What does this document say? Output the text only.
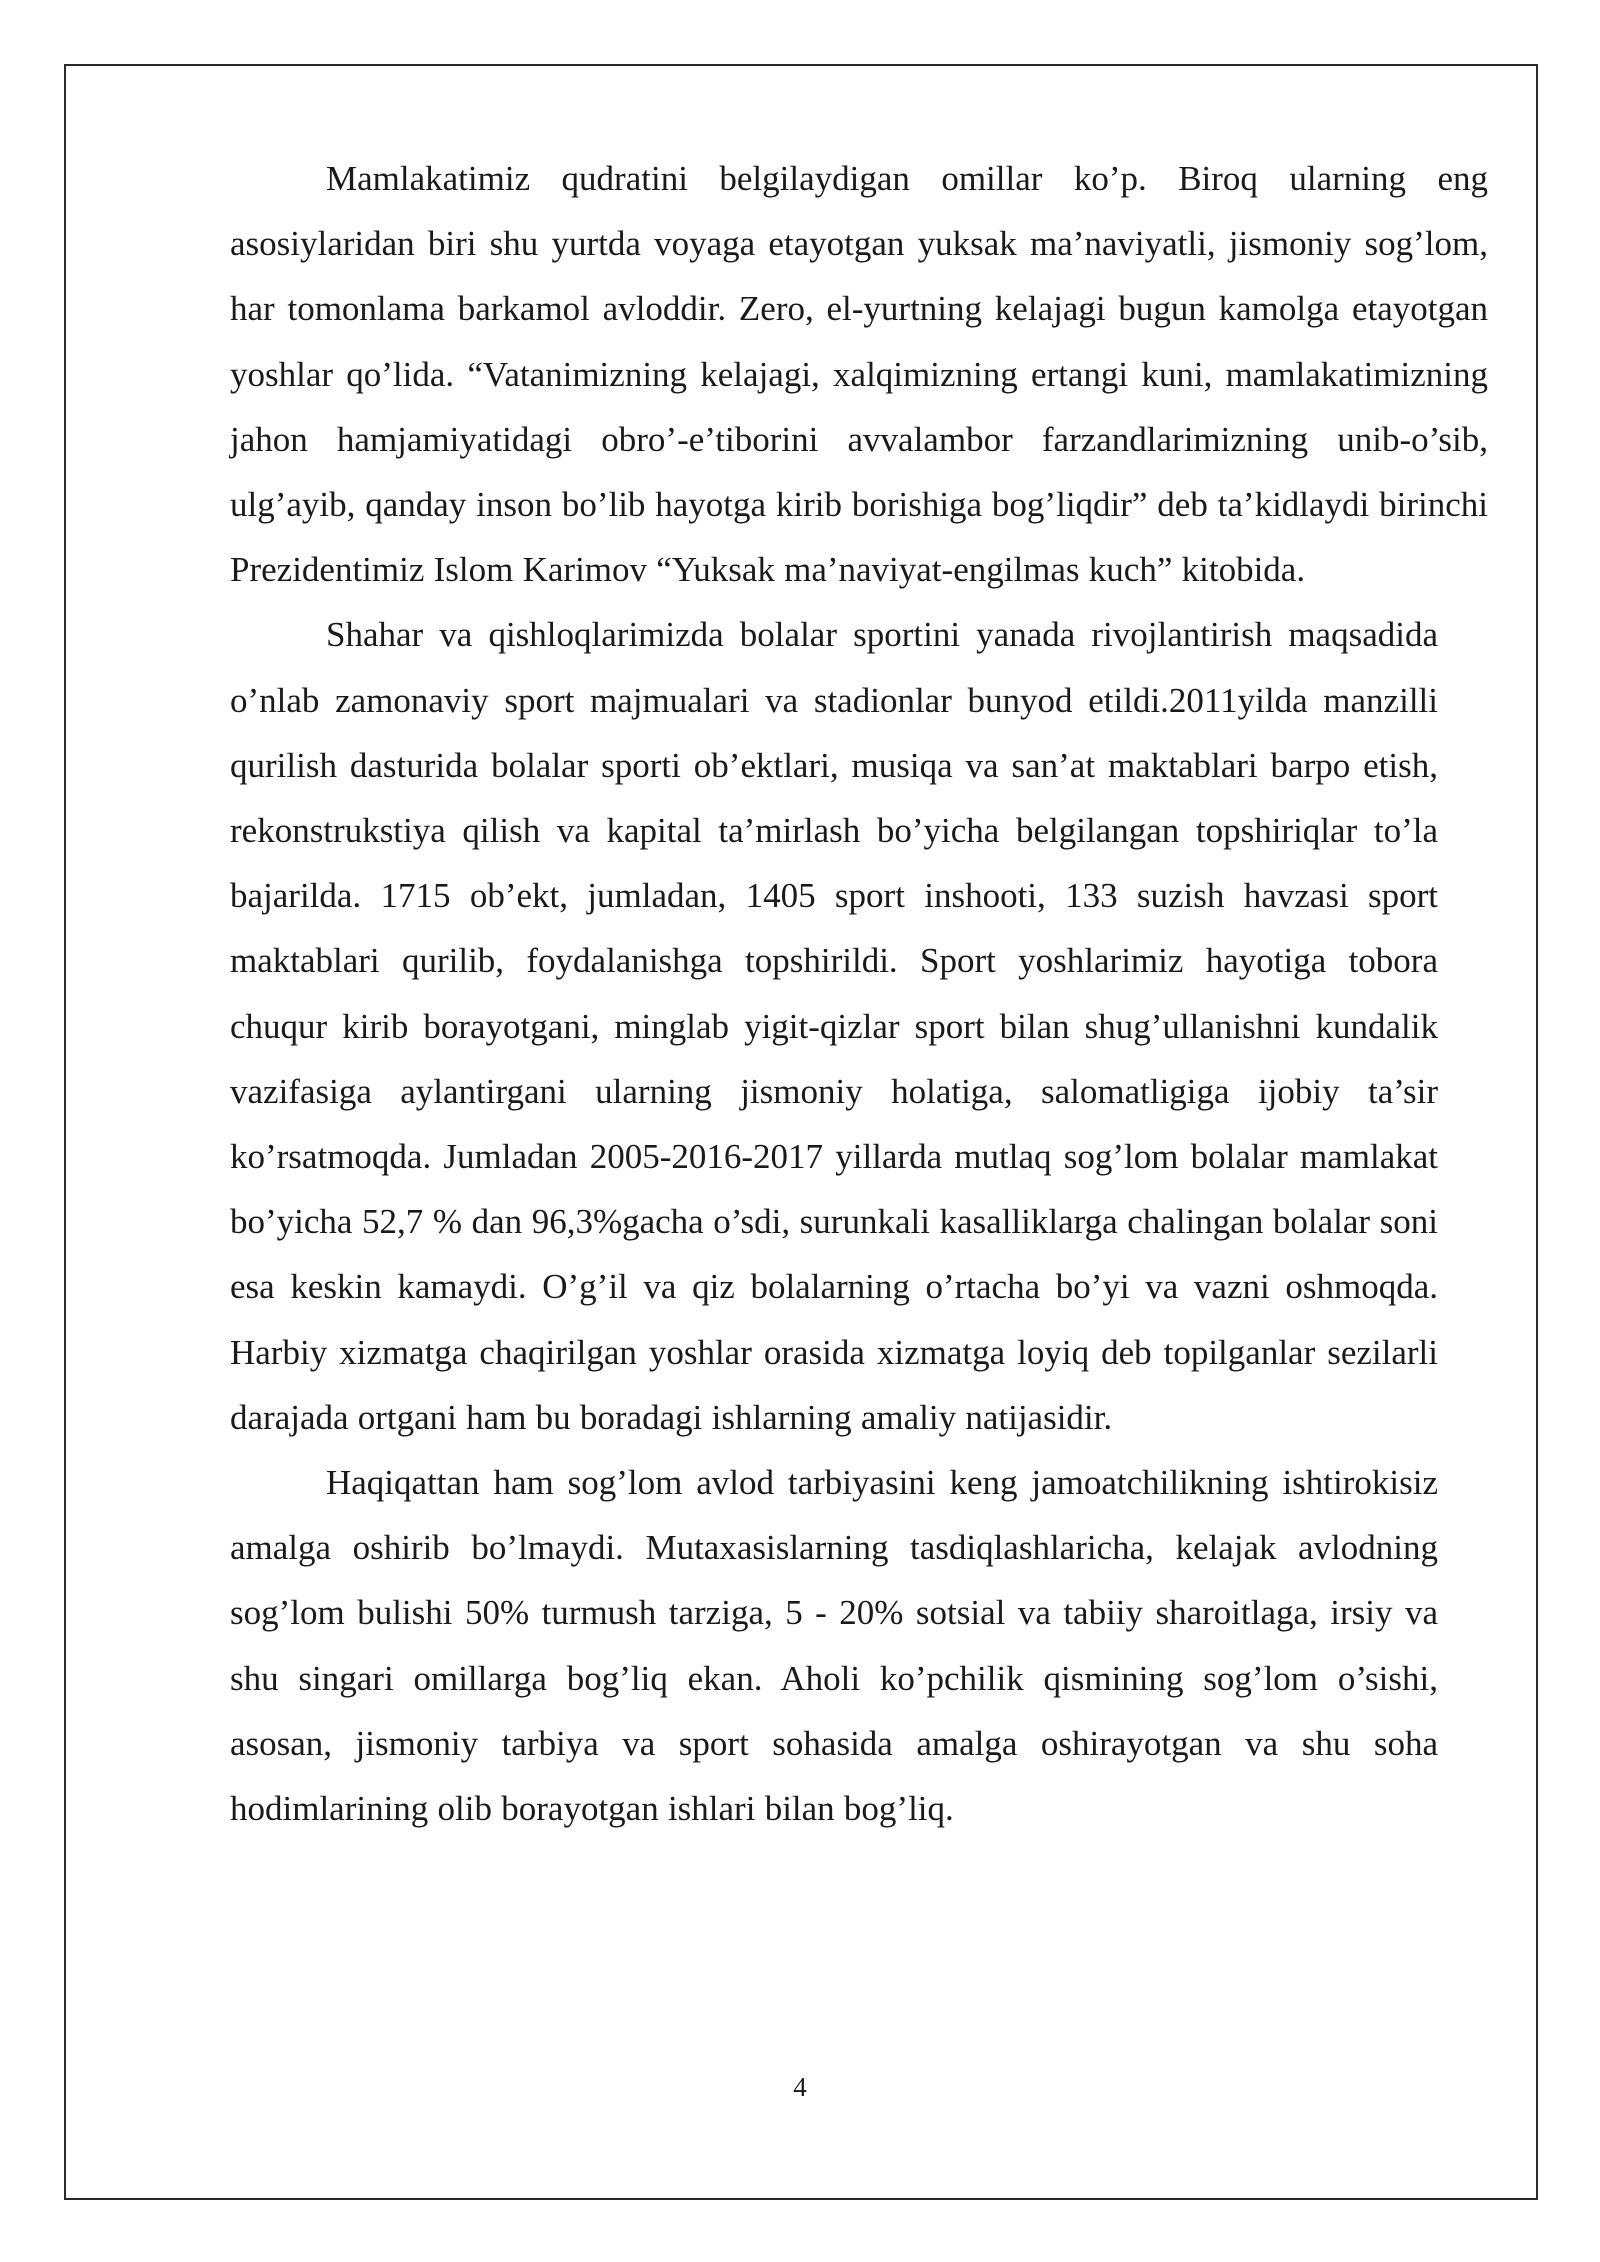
Mamlakatimiz qudratini belgilaydigan omillar ko’p. Biroq ularning eng asosiylaridan biri shu yurtda voyaga etayotgan yuksak ma’naviyatli, jismoniy sog’lom, har tomonlama barkamol avloddir. Zero, el-yurtning kelajagi bugun kamolga etayotgan yoshlar qo’lida. “Vatanimizning kelajagi, xalqimizning ertangi kuni, mamlakatimizning jahon hamjamiyatidagi obro’-e’tiborini avvalambor farzandlarimizning unib-o’sib, ulg’ayib, qanday inson bo’lib hayotga kirib borishiga bog’liqdir” deb ta’kidlaydi birinchi Prezidentimiz Islom Karimov “Yuksak ma’naviyat-engilmas kuch” kitobida.

Shahar va qishloqlarimizda bolalar sportini yanada rivojlantirish maqsadida o’nlab zamonaviy sport majmualari va stadionlar bunyod etildi.2011yilda manzilli qurilish dasturida bolalar sporti ob’ektlari, musiqa va san’at maktablari barpo etish, rekonstrukstiya qilish va kapital ta’mirlash bo’yicha belgilangan topshiriqlar to’la bajarilda. 1715 ob’ekt, jumladan, 1405 sport inshooti, 133 suzish havzasi sport maktablari qurilib, foydalanishga topshirildi. Sport yoshlarimiz hayotiga tobora chuqur kirib borayotgani, minglab yigit-qizlar sport bilan shug’ullanishni kundalik vazifasiga aylantirgani ularning jismoniy holatiga, salomatligiga ijobiy ta’sir ko’rsatmoqda. Jumladan 2005-2016-2017 yillarda mutlaq sog’lom bolalar mamlakat bo’yicha 52,7 % dan 96,3%gacha o’sdi, surunkali kasalliklarga chalingan bolalar soni esa keskin kamaydi. O’g’il va qiz bolalarning o’rtacha bo’yi va vazni oshmoqda. Harbiy xizmatga chaqirilgan yoshlar orasida xizmatga loyiq deb topilganlar sezilarli darajada ortgani ham bu boradagi ishlarning amaliy natijasidir.

Haqiqattan ham sog’lom avlod tarbiyasini keng jamoatchilikning ishtirokisiz amalga oshirib bo’lmaydi. Mutaxasislarning tasdiqlashlaricha, kelajak avlodning sog’lom bulishi 50% turmush tarziga, 5 - 20% sotsial va tabiiy sharoitlaga, irsiy va shu singari omillarga bog’liq ekan. Aholi ko’pchilik qismining sog’lom o’sishi, asosan, jismoniy tarbiya va sport sohasida amalga oshirayotgan va shu soha hodimlarining olib borayotgan ishlari bilan bog’liq.

4
